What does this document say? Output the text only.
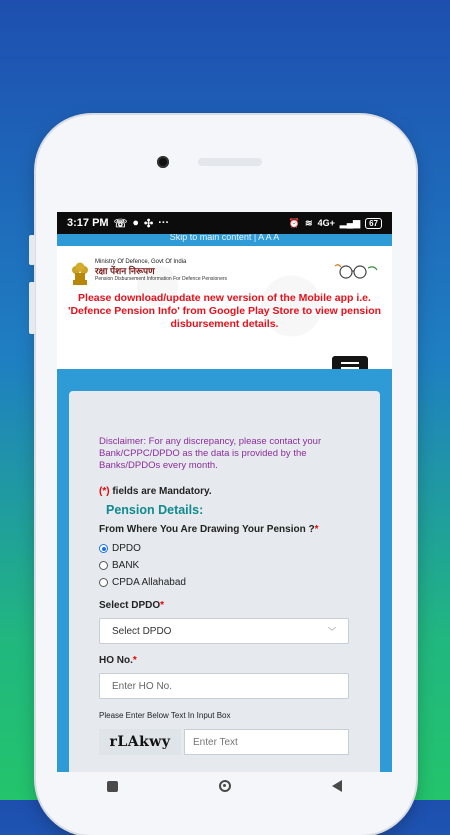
3:17 PM ☏ ● ✣ ···	⏰ ≋ 4G+ ▂▄▆	67
Skip to main content | A A A
Ministry Of Defence, Govt Of India
रक्षा पेंशन निरूपण
Pension Disbursement Information For Defence Pensioners
Please download/update new version of the Mobile app i.e. 'Defence Pension Info' from Google Play Store to view pension disbursement details.
Disclaimer: For any discrepancy, please contact your Bank/CPPC/DPDO as the data is provided by the Banks/DPDOs every month.
(*) fields are Mandatory.
Pension Details:
From Where You Are Drawing Your Pension ?*
DPDO
BANK
CPDA Allahabad
Select DPDO*
Select DPDO	﹀
HO No.*
Enter HO No.
Please Enter Below Text In Input Box
rLAkwy
Enter Text
